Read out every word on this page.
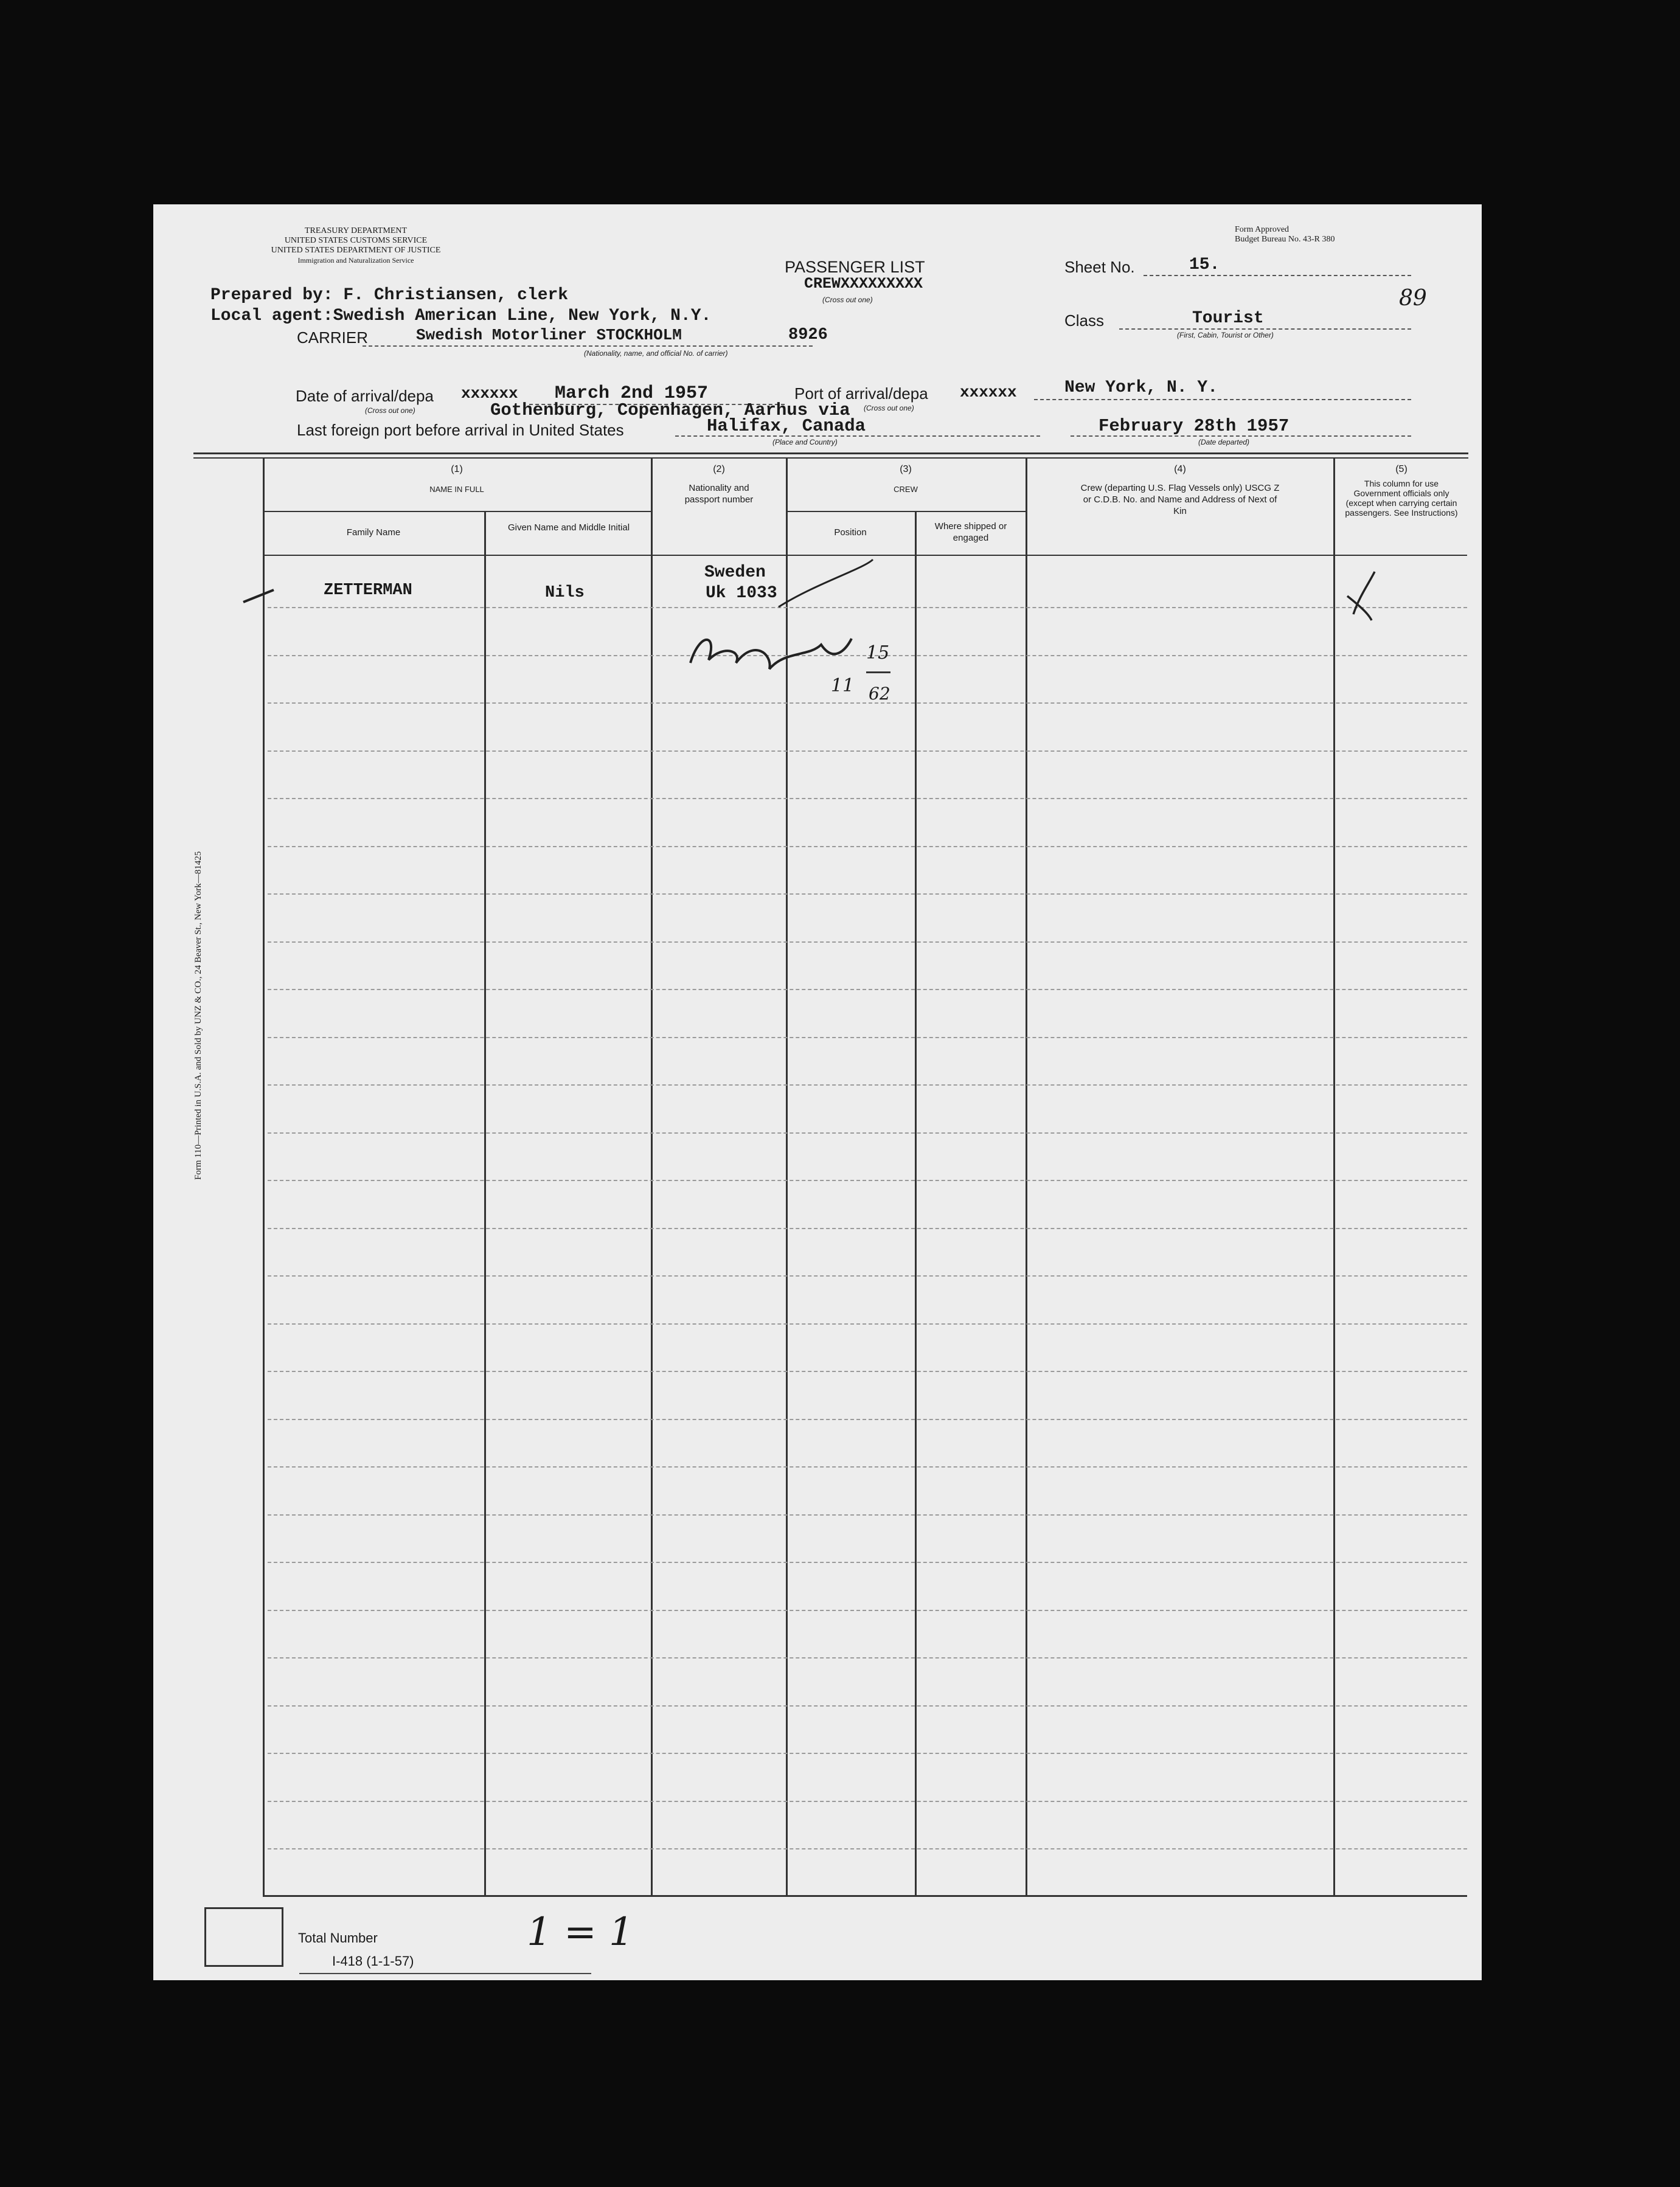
TREASURY DEPARTMENT
UNITED STATES CUSTOMS SERVICE
UNITED STATES DEPARTMENT OF JUSTICE
Immigration and Naturalization Service
Form Approved
Budget Bureau No. 43-R 380
PASSENGER LIST
CREWXXXXXXXXX
(Cross out one)
Sheet No.	15.
89
Prepared by: F. Christiansen, clerk
Local agent:Swedish American Line, New York, N.Y.
CARRIER	Swedish Motorliner STOCKHOLM	8926
(Nationality, name, and official No. of carrier)
Class	Tourist
(First, Cabin, Tourist or Other)
Date of arrival/depa xxxxxx March 2nd 1957
(Cross out one)
Port of arrival/depa xxxxxx
(Cross out one)
New York, N. Y.
Gothenburg, Copenhagen, Aarhus via
Last foreign port before arrival in United States	Halifax, Canada
(Place and Country)
February 28th 1957
(Date departed)
(1)
NAME IN FULL
Family Name	Given Name and Middle Initial
(2)
Nationality and passport number
(3)
CREW
Position
Where shipped or engaged
(4)
Crew (departing U.S. Flag Vessels only) USCG Z or C.D.B. No. and Name and Address of Next of Kin
(5)
This column for use Government officials only (except when carrying certain passengers. See Instructions)
ZETTERMAN	Nils
Sweden
Uk 1033
15
11 62
Form 110—Printed in U.S.A. and Sold by UNZ & CO., 24 Beaver St., New York—81425
Total Number
I-418 (1-1-57)
1 = 1
